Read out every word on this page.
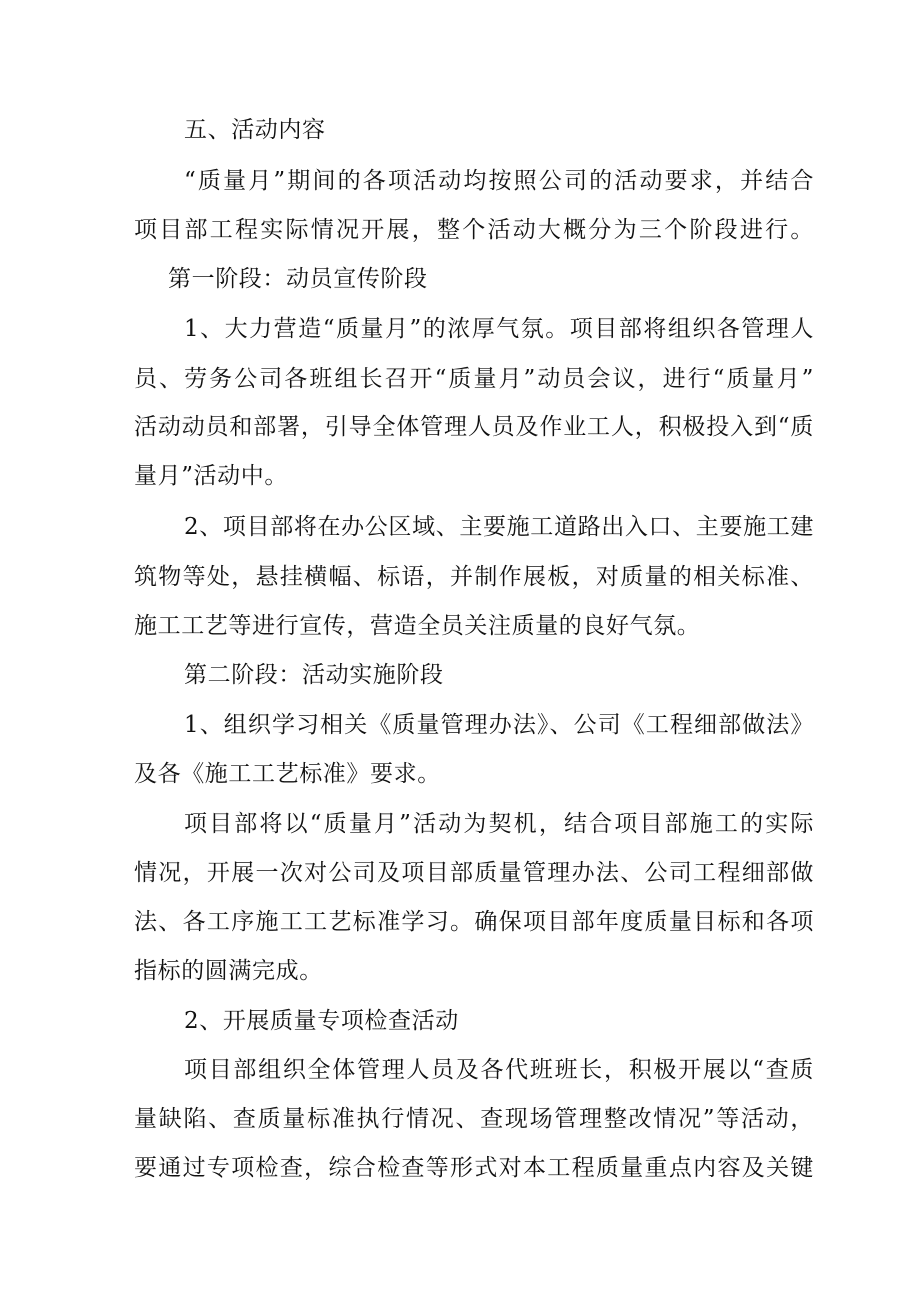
五、活动内容
“质量月”期间的各项活动均按照公司的活动要求，并结合
项目部工程实际情况开展，整个活动大概分为三个阶段进行。
第一阶段：动员宣传阶段
1、大力营造“质量月”的浓厚气氛。项目部将组织各管理人
员、劳务公司各班组长召开“质量月”动员会议，进行“质量月”
活动动员和部署，引导全体管理人员及作业工人，积极投入到“质
量月”活动中。
2、项目部将在办公区域、主要施工道路出入口、主要施工建
筑物等处，悬挂横幅、标语，并制作展板，对质量的相关标准、
施工工艺等进行宣传，营造全员关注质量的良好气氛。
第二阶段：活动实施阶段
1、组织学习相关《质量管理办法》、公司《工程细部做法》
及各《施工工艺标准》要求。
项目部将以“质量月”活动为契机，结合项目部施工的实际
情况，开展一次对公司及项目部质量管理办法、公司工程细部做
法、各工序施工工艺标准学习。确保项目部年度质量目标和各项
指标的圆满完成。
2、开展质量专项检查活动
项目部组织全体管理人员及各代班班长，积极开展以“查质
量缺陷、查质量标准执行情况、查现场管理整改情况”等活动，
要通过专项检查，综合检查等形式对本工程质量重点内容及关键
